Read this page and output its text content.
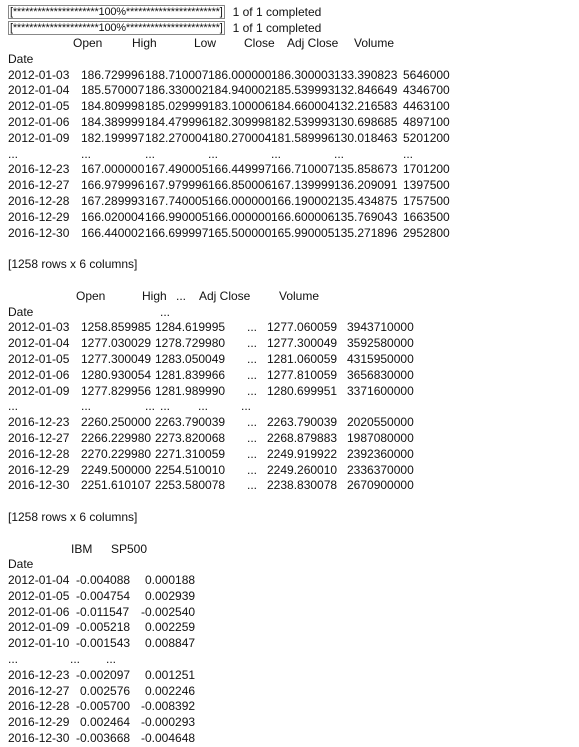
[*********************100%***********************] 1 of 1 completed
[*********************100%***********************] 1 of 1 completed
Open High	Low Close Adj Close Volume
Date
2012-01-03 186.729996 188.710007 186.000000 186.300003 133.390823 5646000
2012-01-04 185.570007 186.330002 184.940002 185.539993 132.846649 4346700
2012-01-05 184.809998 185.029999 183.100006 184.660004 132.216583 4463100
2012-01-06 184.389999 184.479996 182.309998 182.539993 130.698685 4897100
2012-01-09 182.199997 182.270004 180.270004 181.589996 130.018463 5201200
...	...	...	...	...	...	...
2016-12-23 167.000000 167.490005 166.449997 166.710007 135.858673 1701200
2016-12-27 166.979996 167.979996 166.850006 167.139999 136.209091 1397500
2016-12-28 167.289993 167.740005 166.000000 166.190002 135.434875 1757500
2016-12-29 166.020004 166.990005 166.000000 166.600006 135.769043 1663500
2016-12-30 166.440002 166.699997 165.500000 165.990005 135.271896 2952800
[1258 rows x 6 columns]
Open	High ... Adj Close Volume
Date	...
2012-01-03 1258.859985 1284.619995 ... 1277.060059 3943710000
2012-01-04 1277.030029 1278.729980 ... 1277.300049 3592580000
2012-01-05 1277.300049 1283.050049 ... 1281.060059 4315950000
2012-01-06 1280.930054 1281.839966 ... 1277.810059 3656830000
2012-01-09 1277.829956 1281.989990 ... 1280.699951 3371600000
...	...	... ... ...	...
2016-12-23 2260.250000 2263.790039 ... 2263.790039 2020550000
2016-12-27 2266.229980 2273.820068 ... 2268.879883 1987080000
2016-12-28 2270.229980 2271.310059 ... 2249.919922 2392360000
2016-12-29 2249.500000 2254.510010 ... 2249.260010 2336370000
2016-12-30 2251.610107 2253.580078 ... 2238.830078 2670900000
[1258 rows x 6 columns]
IBM SP500
Date
2012-01-04 -0.004088 0.000188
2012-01-05 -0.004754 0.002939
2012-01-06 -0.011547 -0.002540
2012-01-09 -0.005218 0.002259
2012-01-10 -0.001543 0.008847
...	... ...
2016-12-23 -0.002097 0.001251
2016-12-27 0.002576 0.002246
2016-12-28 -0.005700 -0.008392
2016-12-29 0.002464 -0.000293
2016-12-30 -0.003668 -0.004648
